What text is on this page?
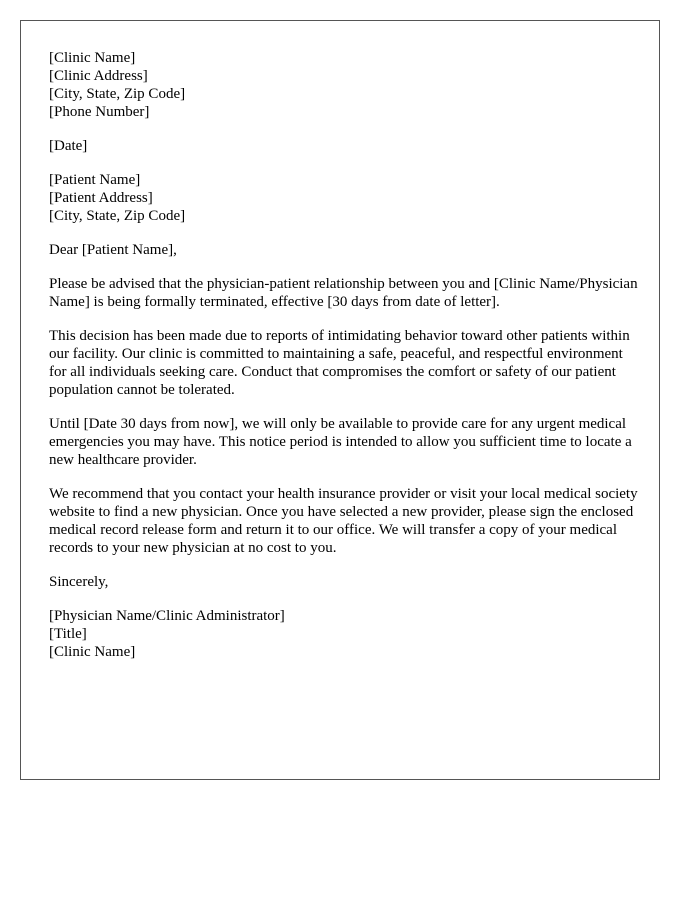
[Clinic Name]
[Clinic Address]
[City, State, Zip Code]
[Phone Number]

[Date]

[Patient Name]
[Patient Address]
[City, State, Zip Code]

Dear [Patient Name],

Please be advised that the physician-patient relationship between you and [Clinic Name/Physician Name] is being formally terminated, effective [30 days from date of letter].

This decision has been made due to reports of intimidating behavior toward other patients within our facility. Our clinic is committed to maintaining a safe, peaceful, and respectful environment for all individuals seeking care. Conduct that compromises the comfort or safety of our patient population cannot be tolerated.

Until [Date 30 days from now], we will only be available to provide care for any urgent medical emergencies you may have. This notice period is intended to allow you sufficient time to locate a new healthcare provider.

We recommend that you contact your health insurance provider or visit your local medical society website to find a new physician. Once you have selected a new provider, please sign the enclosed medical record release form and return it to our office. We will transfer a copy of your medical records to your new physician at no cost to you.

Sincerely,

[Physician Name/Clinic Administrator]
[Title]
[Clinic Name]
